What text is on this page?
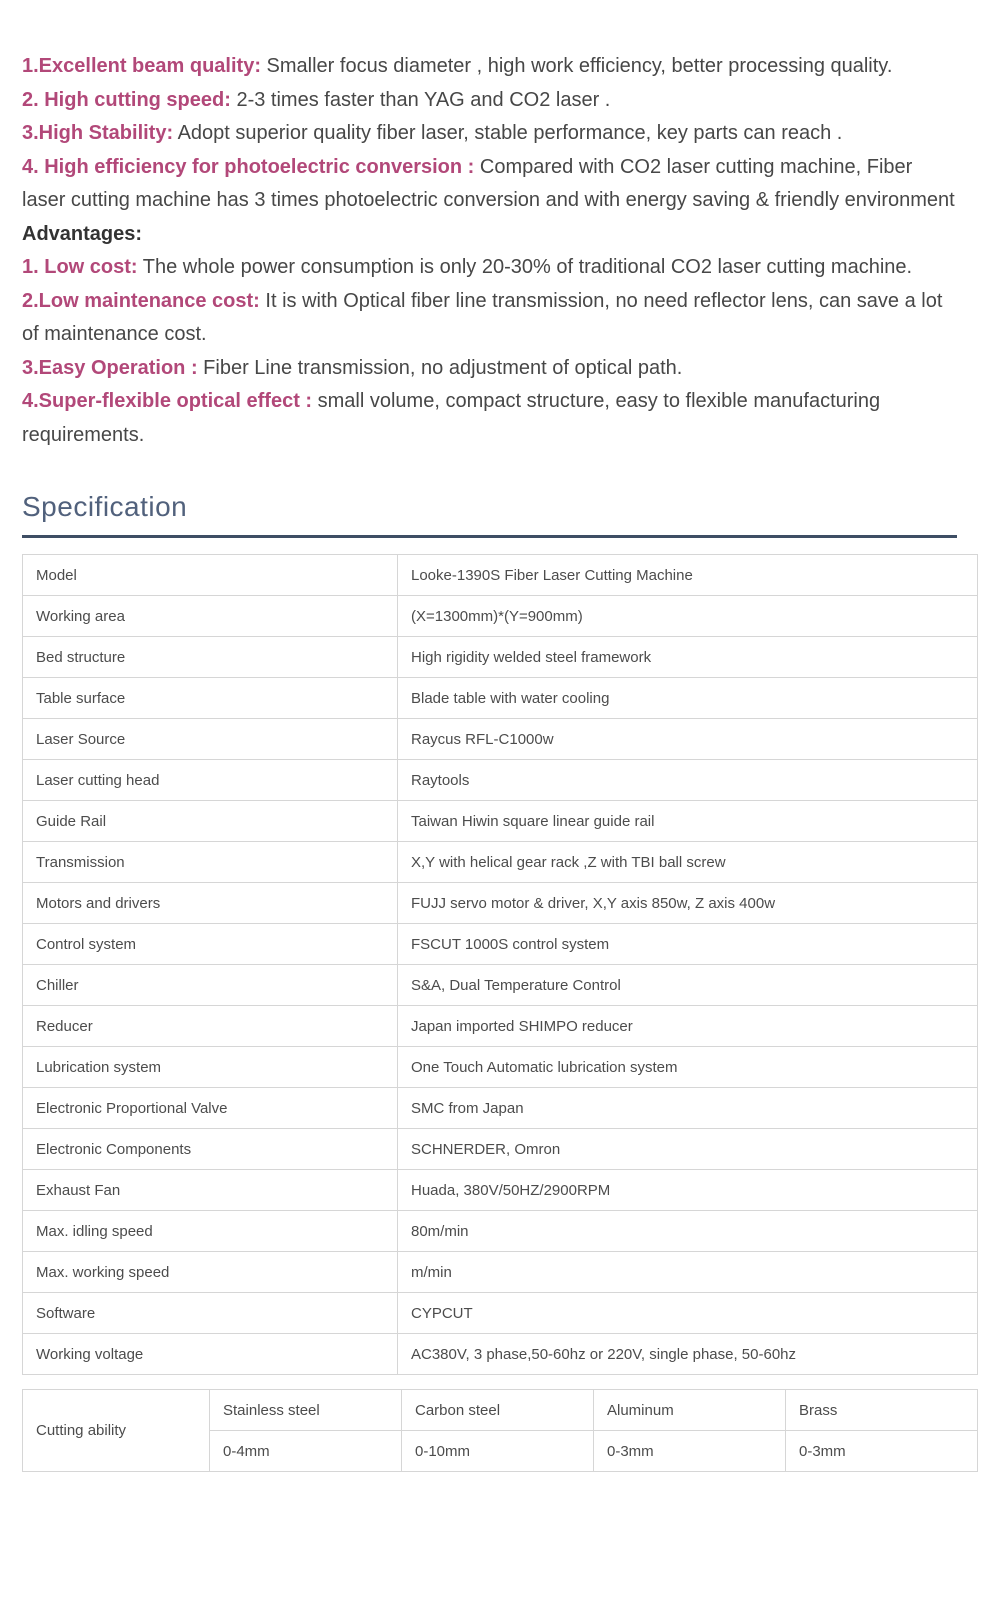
1.Excellent beam quality: Smaller focus diameter , high work efficiency, better processing quality.

2. High cutting speed: 2-3 times faster than YAG and CO2 laser .

3.High Stability: Adopt superior quality fiber laser, stable performance, key parts can reach .

4. High efficiency for photoelectric conversion : Compared with CO2 laser cutting machine, Fiber laser cutting machine has 3 times photoelectric conversion and with energy saving & friendly environment

Advantages:

1. Low cost: The whole power consumption is only 20-30% of traditional CO2 laser cutting machine.

2.Low maintenance cost: It is with Optical fiber line transmission, no need reflector lens, can save a lot of maintenance cost.

3.Easy Operation : Fiber Line transmission, no adjustment of optical path.

4.Super-flexible optical effect : small volume, compact structure, easy to flexible manufacturing requirements.

Specification
Model	Looke-1390S Fiber Laser Cutting Machine
Working area	(X=1300mm)*(Y=900mm)
Bed structure	High rigidity welded steel framework
Table surface	Blade table with water cooling
Laser Source	Raycus RFL-C1000w
Laser cutting head	Raytools
Guide Rail	Taiwan Hiwin square linear guide rail
Transmission	X,Y with helical gear rack ,Z with TBI ball screw
Motors and drivers	FUJJ servo motor & driver, X,Y axis 850w, Z axis 400w
Control system	FSCUT 1000S control system
Chiller	S&A, Dual Temperature Control
Reducer	Japan imported SHIMPO reducer
Lubrication system	One Touch Automatic lubrication system
Electronic Proportional Valve	SMC from Japan
Electronic Components	SCHNERDER, Omron
Exhaust Fan	Huada, 380V/50HZ/2900RPM
Max. idling speed	80m/min
Max. working speed	m/min
Software	CYPCUT
Working voltage	AC380V, 3 phase,50-60hz or 220V, single phase, 50-60hz
Cutting ability	Stainless steel	Carbon steel	Aluminum	Brass
	0-4mm	0-10mm	0-3mm	0-3mm
